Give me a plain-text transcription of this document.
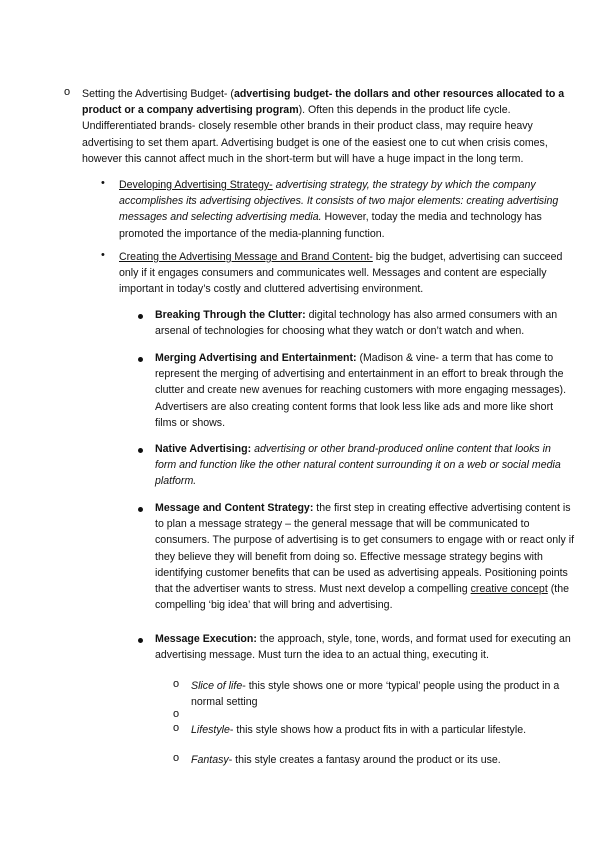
o Setting the Advertising Budget- (advertising budget- the dollars and other resources allocated to a product or a company advertising program). Often this depends in the product life cycle. Undifferentiated brands- closely resemble other brands in their product class, may require heavy advertising to set them apart. Advertising budget is one of the easiest one to cut when crisis comes, however this cannot affect much in the short-term but will have a huge impact in the long term.
• Developing Advertising Strategy- advertising strategy, the strategy by which the company accomplishes its advertising objectives. It consists of two major elements: creating advertising messages and selecting advertising media. However, today the media and technology has promoted the importance of the media-planning function.
• Creating the Advertising Message and Brand Content- big the budget, advertising can succeed only if it engages consumers and communicates well. Messages and content are especially important in today’s costly and cluttered advertising environment.
Breaking Through the Clutter: digital technology has also armed consumers with an arsenal of technologies for choosing what they watch or don’t watch and when.
Merging Advertising and Entertainment: (Madison & vine- a term that has come to represent the merging of advertising and entertainment in an effort to break through the clutter and create new avenues for reaching customers with more engaging messages). Advertisers are also creating content forms that look less like ads and more like short films or shows.
Native Advertising: advertising or other brand-produced online content that looks in form and function like the other natural content surrounding it on a web or social media platform.
Message and Content Strategy: the first step in creating effective advertising content is to plan a message strategy – the general message that will be communicated to consumers. The purpose of advertising is to get consumers to engage with or react only if they believe they will benefit from doing so. Effective message strategy begins with identifying customer benefits that can be used as advertising appeals. Positioning points that the advertiser wants to stress. Must next develop a compelling creative concept (the compelling ‘big idea’ that will bring and advertising.
Message Execution: the approach, style, tone, words, and format used for executing an advertising message. Must turn the idea to an actual thing, executing it.
o Slice of life- this style shows one or more ‘typical’ people using the product in a normal setting
o
o Lifestyle- this style shows how a product fits in with a particular lifestyle.
o Fantasy- this style creates a fantasy around the product or its use.
